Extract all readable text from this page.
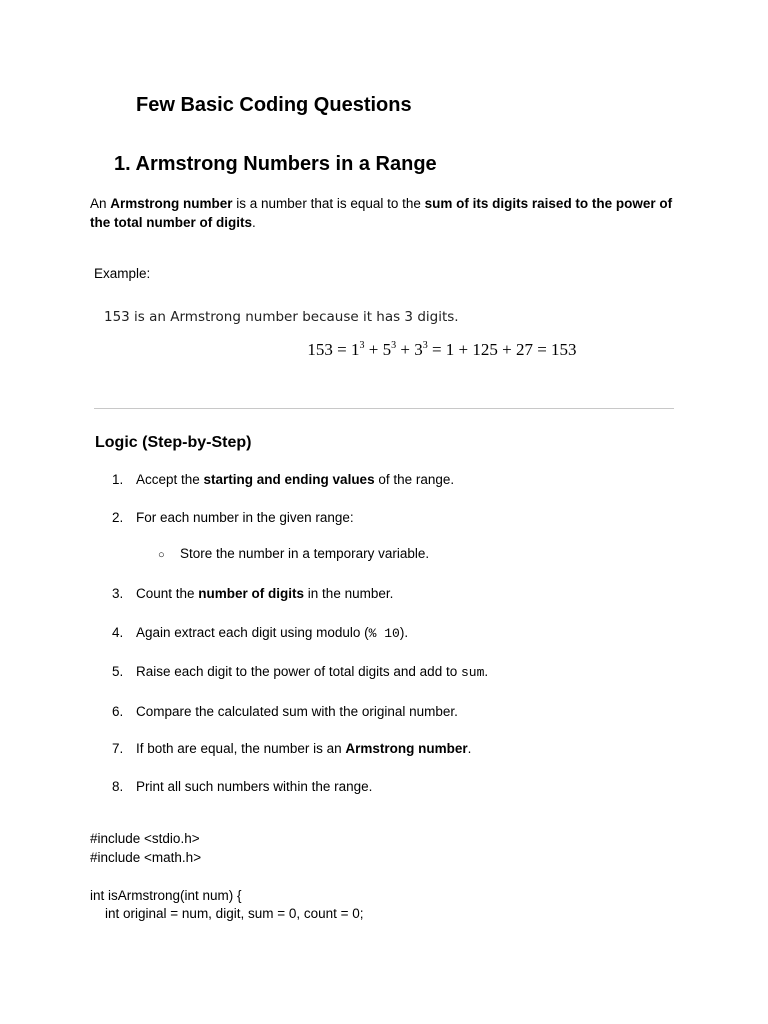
Few Basic Coding Questions
1. Armstrong Numbers in a Range

An Armstrong number is a number that is equal to the sum of its digits raised to the power of the total number of digits.

Example:

153 is an Armstrong number because it has 3 digits.

$153 = 1^3 + 5^3 + 3^3 = 1 + 125 + 27 = 153$

Logic (Step-by-Step)

1. Accept the starting and ending values of the range.

2. For each number in the given range:

○ Store the number in a temporary variable.

3. Count the number of digits in the number.

4. Again extract each digit using modulo (% 10).

5. Raise each digit to the power of total digits and add to sum.

6. Compare the calculated sum with the original number.

7. If both are equal, the number is an Armstrong number.

8. Print all such numbers within the range.

#include <stdio.h>

#include <math.h>

int isArmstrong(int num) {

int original = num, digit, sum = 0, count = 0;
